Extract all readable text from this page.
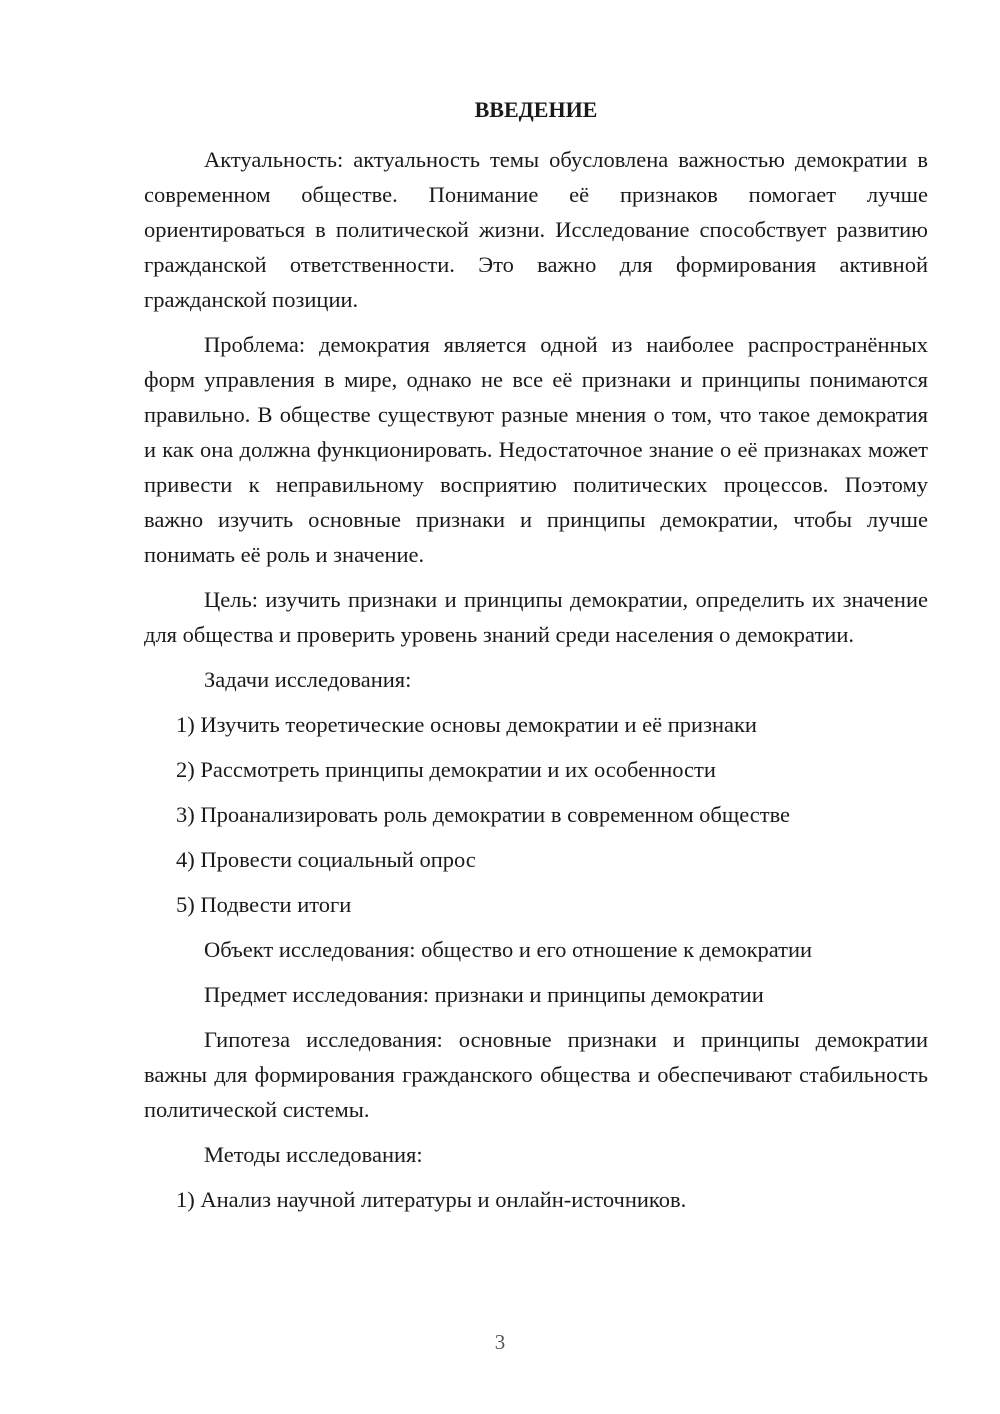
ВВЕДЕНИЕ

Актуальность: актуальность темы обусловлена важностью демократии в современном обществе. Понимание её признаков помогает лучше ориентироваться в политической жизни. Исследование способствует развитию гражданской ответственности. Это важно для формирования активной гражданской позиции.

Проблема: демократия является одной из наиболее распространённых форм управления в мире, однако не все её признаки и принципы понимаются правильно. В обществе существуют разные мнения о том, что такое демократия и как она должна функционировать. Недостаточное знание о её признаках может привести к неправильному восприятию политических процессов. Поэтому важно изучить основные признаки и принципы демократии, чтобы лучше понимать её роль и значение.

Цель: изучить признаки и принципы демократии, определить их значение для общества и проверить уровень знаний среди населения о демократии.

Задачи исследования:

1) Изучить теоретические основы демократии и её признаки

2) Рассмотреть принципы демократии и их особенности

3) Проанализировать роль демократии в современном обществе

4) Провести социальный опрос

5) Подвести итоги

Объект исследования: общество и его отношение к демократии

Предмет исследования: признаки и принципы демократии

Гипотеза исследования: основные признаки и принципы демократии важны для формирования гражданского общества и обеспечивают стабильность политической системы.

Методы исследования:

1) Анализ научной литературы и онлайн-источников.

3
